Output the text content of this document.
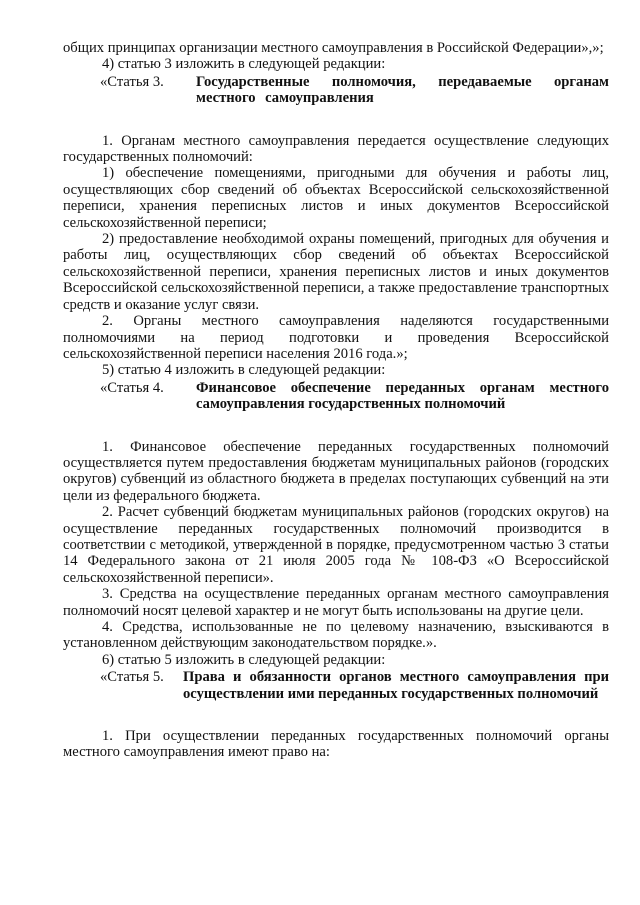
общих принципах организации местного самоуправления в Российской Федерации»,»;

4) статью 3 изложить в следующей редакции:

«Статья 3.	Государственные полномочия, передаваемые органам местного самоуправления

1. Органам местного самоуправления передается осуществление следующих государственных полномочий:

1) обеспечение помещениями, пригодными для обучения и работы лиц, осуществляющих сбор сведений об объектах Всероссийской сельскохозяйственной переписи, хранения переписных листов и иных документов Всероссийской сельскохозяйственной переписи;

2) предоставление необходимой охраны помещений, пригодных для обучения и работы лиц, осуществляющих сбор сведений об объектах Всероссийской сельскохозяйственной переписи, хранения переписных листов и иных документов Всероссийской сельскохозяйственной переписи, а также предоставление транспортных средств и оказание услуг связи.

2. Органы местного самоуправления наделяются государственными полномочиями на период подготовки и проведения Всероссийской сельскохозяйственной переписи населения 2016 года.»;

5) статью 4 изложить в следующей редакции:

«Статья 4.	Финансовое обеспечение переданных органам местного самоуправления государственных полномочий

1. Финансовое обеспечение переданных государственных полномочий осуществляется путем предоставления бюджетам муниципальных районов (городских округов) субвенций из областного бюджета в пределах поступающих субвенций на эти цели из федерального бюджета.

2. Расчет субвенций бюджетам муниципальных районов (городских округов) на осуществление переданных государственных полномочий производится в соответствии с методикой, утвержденной в порядке, предусмотренном частью 3 статьи 14 Федерального закона от 21 июля 2005 года № 108-ФЗ «О Всероссийской сельскохозяйственной переписи».

3. Средства на осуществление переданных органам местного самоуправления полномочий носят целевой характер и не могут быть использованы на другие цели.

4. Средства, использованные не по целевому назначению, взыскиваются в установленном действующим законодательством порядке.».

6) статью 5 изложить в следующей редакции:

«Статья 5.	Права и обязанности органов местного самоуправления при осуществлении ими переданных государственных полномочий

1. При осуществлении переданных государственных полномочий органы местного самоуправления имеют право на:
